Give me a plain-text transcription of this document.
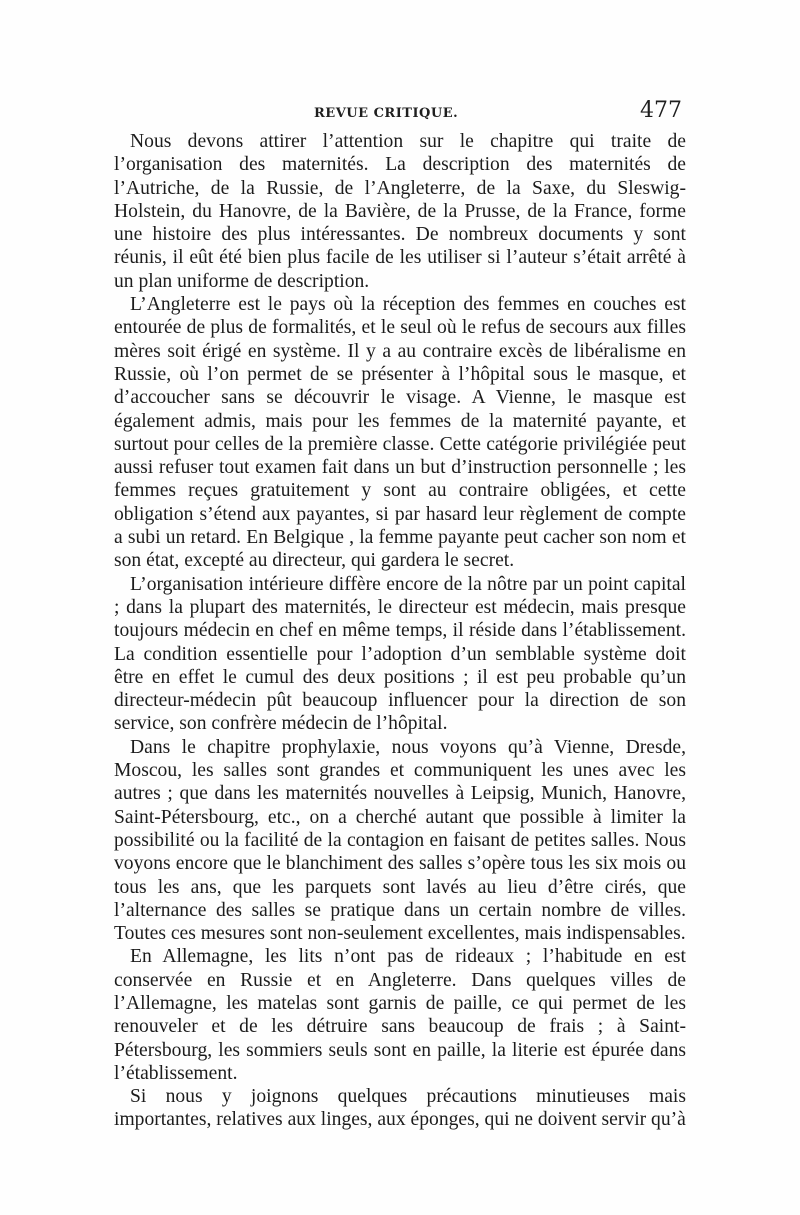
REVUE CRITIQUE.	477

Nous devons attirer l’attention sur le chapitre qui traite de l’organisation des maternités. La description des maternités de l’Autriche, de la Russie, de l’Angleterre, de la Saxe, du Sleswig-Holstein, du Hanovre, de la Bavière, de la Prusse, de la France, forme une histoire des plus intéressantes. De nombreux documents y sont réunis, il eût été bien plus facile de les utiliser si l’auteur s’était arrêté à un plan uniforme de description.

L’Angleterre est le pays où la réception des femmes en couches est entourée de plus de formalités, et le seul où le refus de secours aux filles mères soit érigé en système. Il y a au contraire excès de libéralisme en Russie, où l’on permet de se présenter à l’hôpital sous le masque, et d’accoucher sans se découvrir le visage. A Vienne, le masque est également admis, mais pour les femmes de la maternité payante, et surtout pour celles de la première classe. Cette catégorie privilégiée peut aussi refuser tout examen fait dans un but d’instruction personnelle ; les femmes reçues gratuitement y sont au contraire obligées, et cette obligation s’étend aux payantes, si par hasard leur règlement de compte a subi un retard. En Belgique , la femme payante peut cacher son nom et son état, excepté au directeur, qui gardera le secret.

L’organisation intérieure diffère encore de la nôtre par un point capital ; dans la plupart des maternités, le directeur est médecin, mais presque toujours médecin en chef en même temps, il réside dans l’établissement. La condition essentielle pour l’adoption d’un semblable système doit être en effet le cumul des deux positions ; il est peu probable qu’un directeur-médecin pût beaucoup influencer pour la direction de son service, son confrère médecin de l’hôpital.

Dans le chapitre prophylaxie, nous voyons qu’à Vienne, Dresde, Moscou, les salles sont grandes et communiquent les unes avec les autres ; que dans les maternités nouvelles à Leipsig, Munich, Hanovre, Saint-Pétersbourg, etc., on a cherché autant que possible à limiter la possibilité ou la facilité de la contagion en faisant de petites salles. Nous voyons encore que le blanchiment des salles s’opère tous les six mois ou tous les ans, que les parquets sont lavés au lieu d’être cirés, que l’alternance des salles se pratique dans un certain nombre de villes. Toutes ces mesures sont non-seulement excellentes, mais indispensables.

En Allemagne, les lits n’ont pas de rideaux ; l’habitude en est conservée en Russie et en Angleterre. Dans quelques villes de l’Allemagne, les matelas sont garnis de paille, ce qui permet de les renouveler et de les détruire sans beaucoup de frais ; à Saint-Pétersbourg, les sommiers seuls sont en paille, la literie est épurée dans l’établissement.

Si nous y joignons quelques précautions minutieuses mais importantes, relatives aux linges, aux éponges, qui ne doivent servir qu’à
